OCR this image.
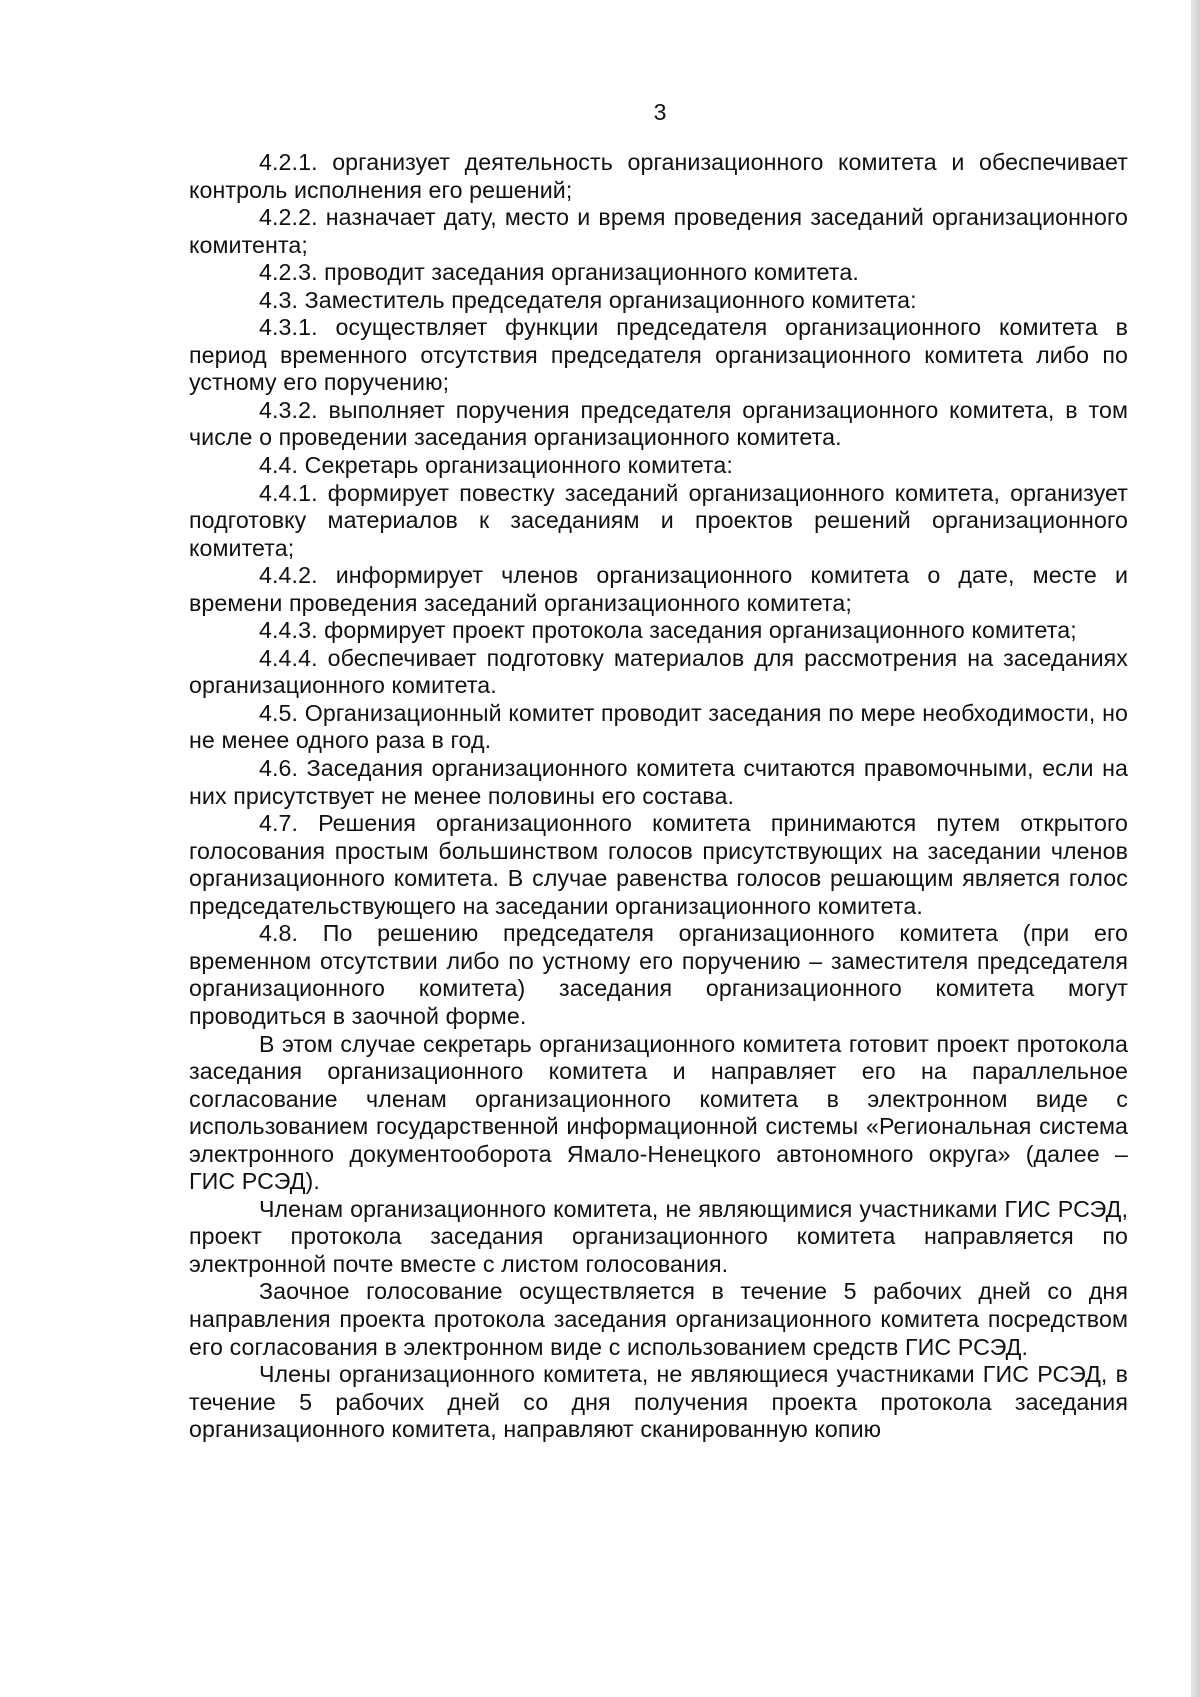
3

4.2.1. организует деятельность организационного комитета и обеспечивает контроль исполнения его решений;

4.2.2. назначает дату, место и время проведения заседаний организационного комитента;

4.2.3. проводит заседания организационного комитета.

4.3. Заместитель председателя организационного комитета:

4.3.1. осуществляет функции председателя организационного комитета в период временного отсутствия председателя организационного комитета либо по устному его поручению;

4.3.2. выполняет поручения председателя организационного комитета, в том числе о проведении заседания организационного комитета.

4.4. Секретарь организационного комитета:

4.4.1. формирует повестку заседаний организационного комитета, организует подготовку материалов к заседаниям и проектов решений организационного комитета;

4.4.2. информирует членов организационного комитета о дате, месте и времени проведения заседаний организационного комитета;

4.4.3. формирует проект протокола заседания организационного комитета;

4.4.4. обеспечивает подготовку материалов для рассмотрения на заседаниях организационного комитета.

4.5. Организационный комитет проводит заседания по мере необходимости, но не менее одного раза в год.

4.6. Заседания организационного комитета считаются правомочными, если на них присутствует не менее половины его состава.

4.7. Решения организационного комитета принимаются путем открытого голосования простым большинством голосов присутствующих на заседании членов организационного комитета. В случае равенства голосов решающим является голос председательствующего на заседании организационного комитета.

4.8. По решению председателя организационного комитета (при его временном отсутствии либо по устному его поручению – заместителя председателя организационного комитета) заседания организационного комитета могут проводиться в заочной форме.

В этом случае секретарь организационного комитета готовит проект протокола заседания организационного комитета и направляет его на параллельное согласование членам организационного комитета в электронном виде с использованием государственной информационной системы «Региональная система электронного документооборота Ямало-Ненецкого автономного округа» (далее – ГИС РСЭД).

Членам организационного комитета, не являющимися участниками ГИС РСЭД, проект протокола заседания организационного комитета направляется по электронной почте вместе с листом голосования.

Заочное голосование осуществляется в течение 5 рабочих дней со дня направления проекта протокола заседания организационного комитета посредством его согласования в электронном виде с использованием средств ГИС РСЭД.

Члены организационного комитета, не являющиеся участниками ГИС РСЭД, в течение 5 рабочих дней со дня получения проекта протокола заседания организационного комитета, направляют сканированную копию
